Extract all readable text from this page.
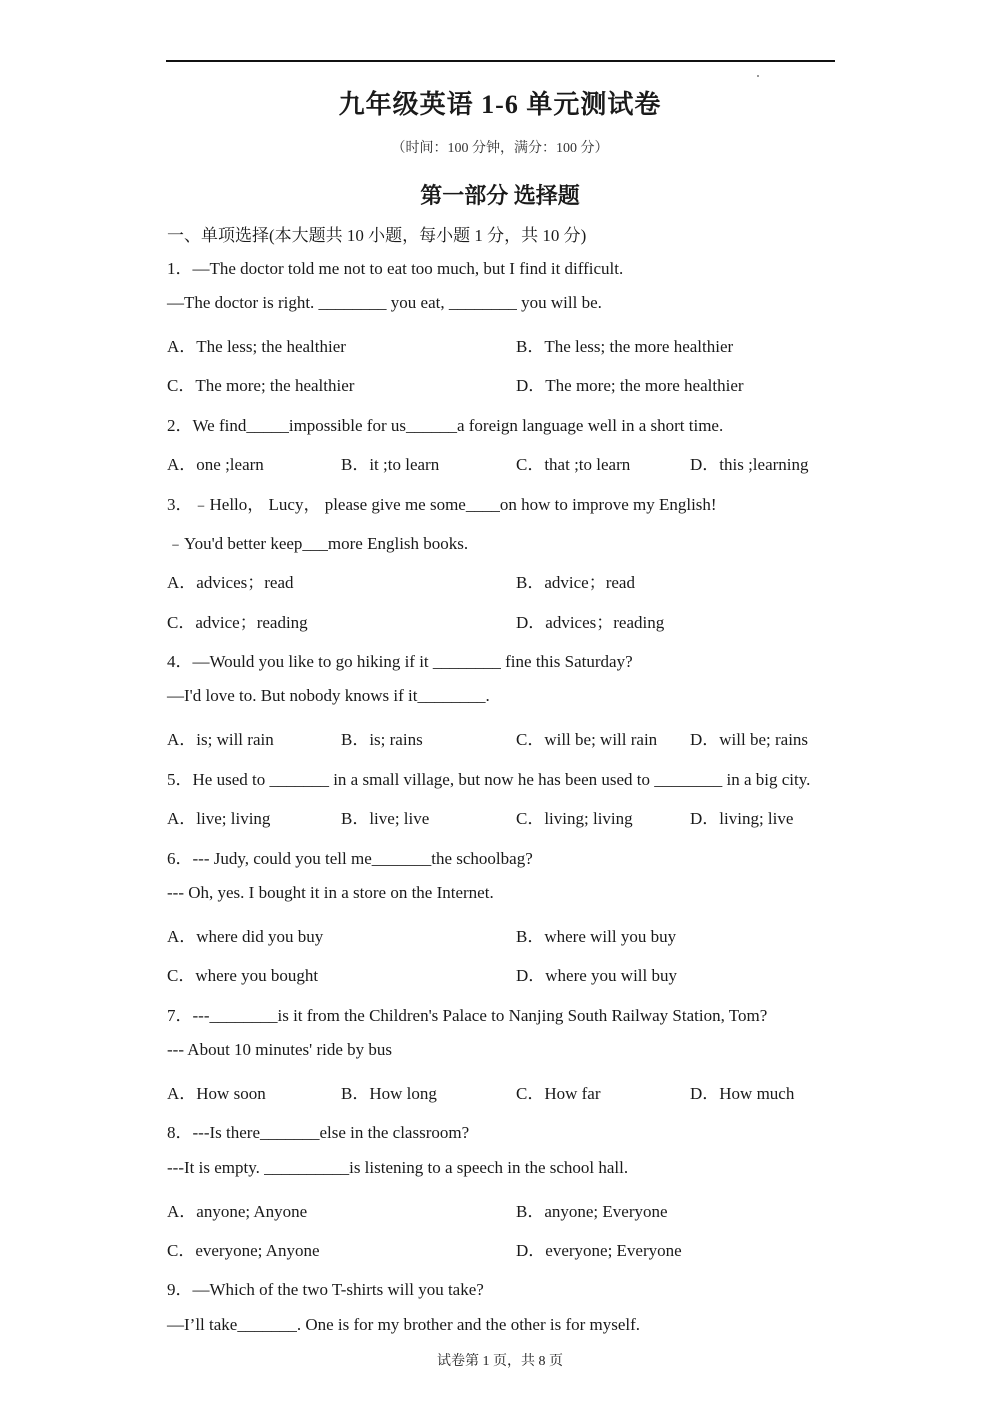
九年级英语 1-6 单元测试卷
（时间：100 分钟，满分：100 分）
第一部分 选择题
一、单项选择(本大题共 10 小题，每小题 1 分，共 10 分)
1．—The doctor told me not to eat too much, but I find it difficult.
—The doctor is right. ________ you eat, ________ you will be.
A．The less; the healthier	B．The less; the more healthier
C．The more; the healthier	D．The more; the more healthier
2．We find_____impossible for us______a foreign language well in a short time.
A．one ;learn	B．it ;to learn	C．that ;to learn	D．this ;learning
3．﹣Hello， Lucy， please give me some____on how to improve my English!
﹣You'd better keep___more English books.
A．advices；read	B．advice；read
C．advice；reading	D．advices；reading
4．—Would you like to go hiking if it ________ fine this Saturday?
—I'd love to. But nobody knows if it________.
A．is; will rain	B．is; rains	C．will be; will rain D．will be; rains
5．He used to _______ in a small village, but now he has been used to ________ in a big city.
A．live; living	B．live; live	C．living; living	D．living; live
6．--- Judy, could you tell me_______the schoolbag?
--- Oh, yes. I bought it in a store on the Internet.
A．where did you buy	B．where will you buy
C．where you bought	D．where you will buy
7．---________is it from the Children's Palace to Nanjing South Railway Station, Tom?
--- About 10 minutes' ride by bus
A．How soon	B．How long	C．How far	D．How much
8．---Is there_______else in the classroom?
---It is empty. __________is listening to a speech in the school hall.
A．anyone; Anyone	B．anyone; Everyone
C．everyone; Anyone	D．everyone; Everyone
9．—Which of the two T-shirts will you take?
—I’ll take_______. One is for my brother and the other is for myself.
试卷第 1 页，共 8 页
